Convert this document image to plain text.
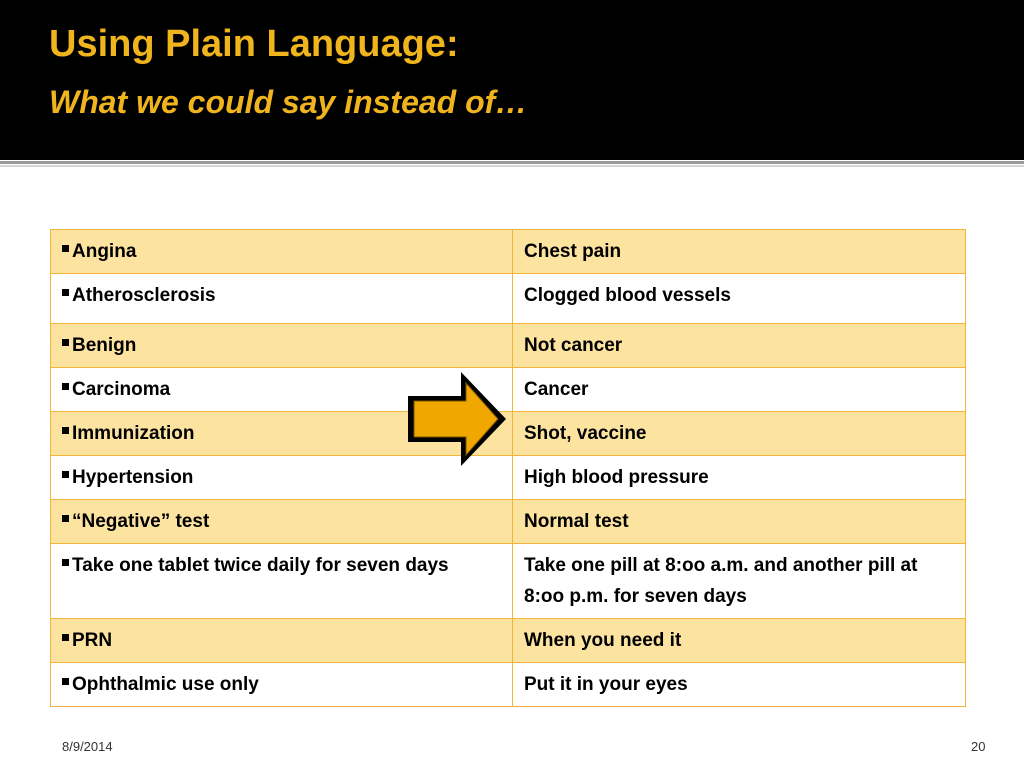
Using Plain Language:
What we could say instead of…
Angina	Chest pain
Atherosclerosis	Clogged blood vessels
Benign	Not cancer
Carcinoma	Cancer
Immunization	Shot, vaccine
Hypertension	High blood pressure
“Negative” test	Normal test
Take one tablet twice daily for seven days	Take one pill at 8:oo a.m. and another pill at 8:oo p.m. for seven days
PRN	When you need it
Ophthalmic use only	Put it in your eyes
8/9/2014	20
